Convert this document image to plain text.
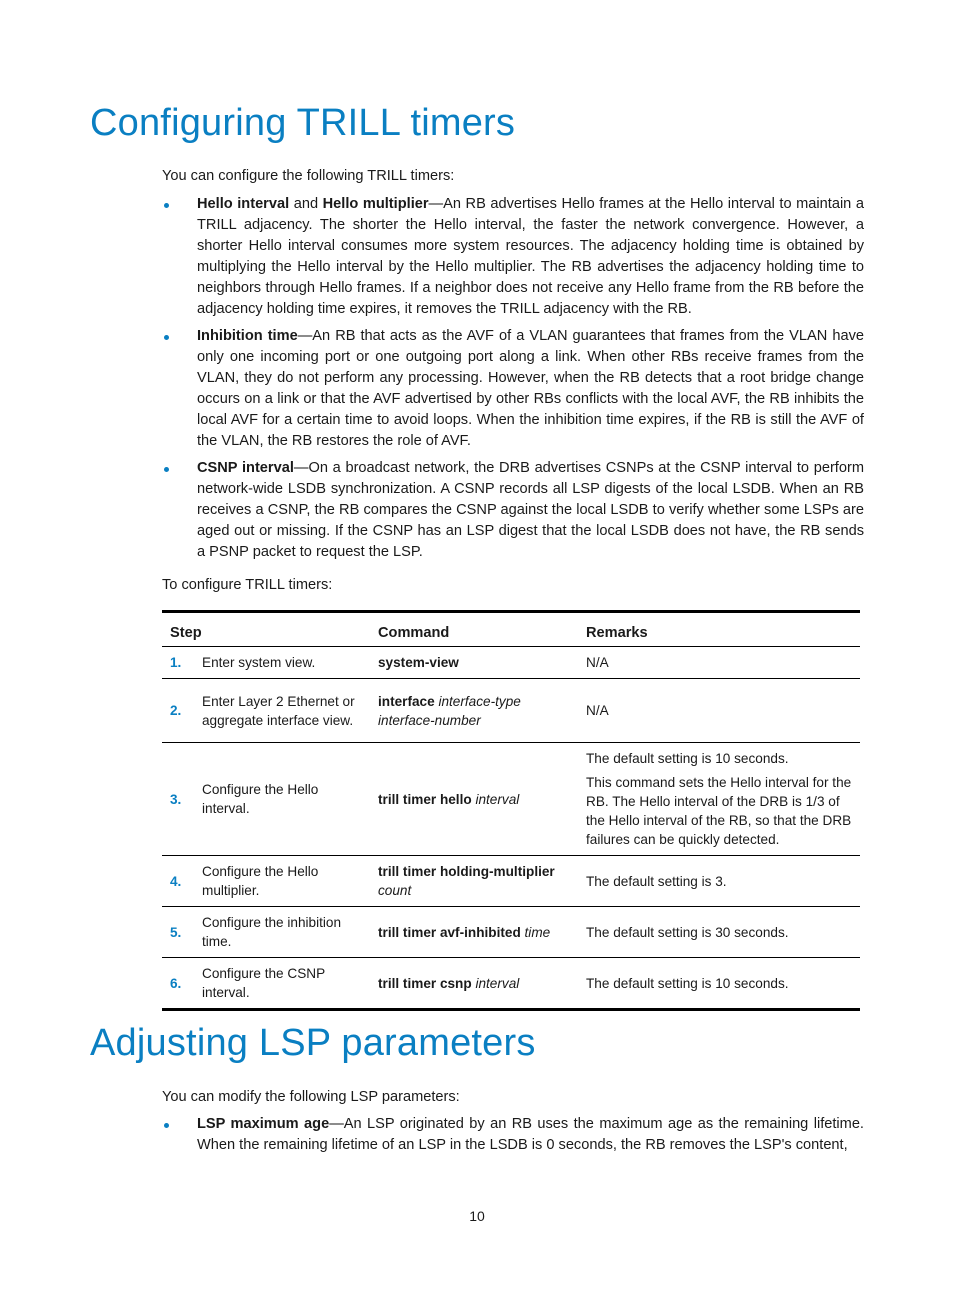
Configuring TRILL timers

You can configure the following TRILL timers:

Hello interval and Hello multiplier—An RB advertises Hello frames at the Hello interval to maintain a TRILL adjacency. The shorter the Hello interval, the faster the network convergence. However, a shorter Hello interval consumes more system resources. The adjacency holding time is obtained by multiplying the Hello interval by the Hello multiplier. The RB advertises the adjacency holding time to neighbors through Hello frames. If a neighbor does not receive any Hello frame from the RB before the adjacency holding time expires, it removes the TRILL adjacency with the RB.
Inhibition time—An RB that acts as the AVF of a VLAN guarantees that frames from the VLAN have only one incoming port or one outgoing port along a link. When other RBs receive frames from the VLAN, they do not perform any processing. However, when the RB detects that a root bridge change occurs on a link or that the AVF advertised by other RBs conflicts with the local AVF, the RB inhibits the local AVF for a certain time to avoid loops. When the inhibition time expires, if the RB is still the AVF of the VLAN, the RB restores the role of AVF.
CSNP interval—On a broadcast network, the DRB advertises CSNPs at the CSNP interval to perform network-wide LSDB synchronization. A CSNP records all LSP digests of the local LSDB. When an RB receives a CSNP, the RB compares the CSNP against the local LSDB to verify whether some LSPs are aged out or missing. If the CSNP has an LSP digest that the local LSDB does not have, the RB sends a PSNP packet to request the LSP.

To configure TRILL timers:

Step		Command	Remarks
1.	Enter system view.	system-view	N/A

2.	Enter Layer 2 Ethernet or aggregate interface view.	interface interface-type interface-number	N/A

3.	Configure the Hello interval.	trill timer hello interval	The default setting is 10 seconds.

This command sets the Hello interval for the RB. The Hello interval of the DRB is 1/3 of the Hello interval of the RB, so that the DRB failures can be quickly detected.

4.	Configure the Hello multiplier.	trill timer holding-multiplier count	The default setting is 3.

5.	Configure the inhibition time.	trill timer avf-inhibited time	The default setting is 30 seconds.

6.	Configure the CSNP interval.	trill timer csnp interval	The default setting is 10 seconds.

Adjusting LSP parameters

You can modify the following LSP parameters:

LSP maximum age—An LSP originated by an RB uses the maximum age as the remaining lifetime. When the remaining lifetime of an LSP in the LSDB is 0 seconds, the RB removes the LSP's content,
10
